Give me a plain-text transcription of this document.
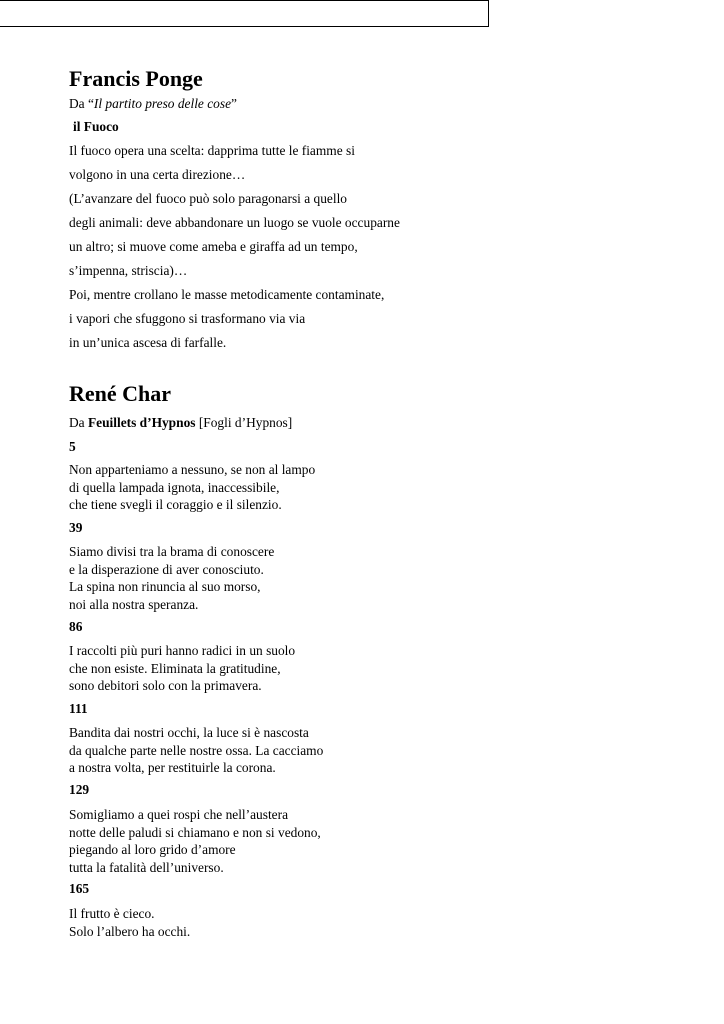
Francis Ponge

Da “Il partito preso delle cose”

il Fuoco

Il fuoco opera una scelta: dapprima tutte le fiamme si

volgono in una certa direzione…

(L’avanzare del fuoco può solo paragonarsi a quello

degli animali: deve abbandonare un luogo se vuole occuparne

un altro; si muove come ameba e giraffa ad un tempo,

s’impenna, striscia)…

Poi, mentre crollano le masse metodicamente contaminate,

i vapori che sfuggono si trasformano via via

in un’unica ascesa di farfalle.

René Char

Da Feuillets d’Hypnos [Fogli d’Hypnos]

5

Non apparteniamo a nessuno, se non al lampo
di quella lampada ignota, inaccessibile,
che tiene svegli il coraggio e il silenzio.

39

Siamo divisi tra la brama di conoscere
e la disperazione di aver conosciuto.
La spina non rinuncia al suo morso,
noi alla nostra speranza.

86

I raccolti più puri hanno radici in un suolo
che non esiste. Eliminata la gratitudine,
sono debitori solo con la primavera.

111

Bandita dai nostri occhi, la luce si è nascosta
da qualche parte nelle nostre ossa. La cacciamo
a nostra volta, per restituirle la corona.

129

Somigliamo a quei rospi che nell’austera
notte delle paludi si chiamano e non si vedono,
piegando al loro grido d’amore
tutta la fatalità dell’universo.

165

Il frutto è cieco.
Solo l’albero ha occhi.
